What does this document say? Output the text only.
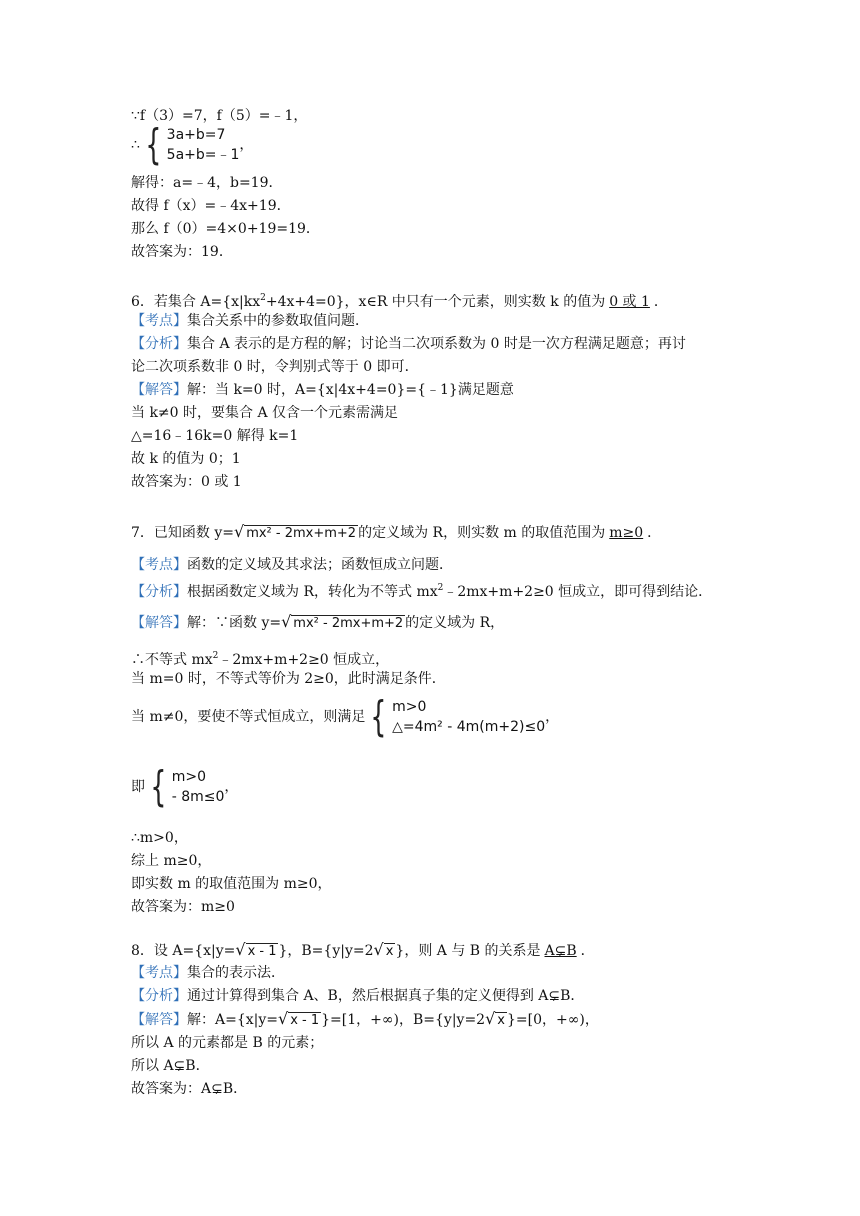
∵f（3）=7，f（5）=﹣1，
∴ { 3a+b=7
5a+b=﹣1，
解得：a=﹣4，b=19．
故得 f（x）=﹣4x+19．
那么 f（0）=4×0+19=19．
故答案为：19．
6．若集合 $A=\{x|kx^2+4x+4=0\}$，x∈R 中只有一个元素，则实数 k 的值为 0 或 1 ．
【考点】集合关系中的参数取值问题．
【分析】集合 A 表示的是方程的解；讨论当二次项系数为 0 时是一次方程满足题意；再讨
论二次项系数非 0 时，令判别式等于 0 即可．
【解答】解：当 k=0 时，A={x|4x+4=0}={﹣1}满足题意
当 k≠0 时，要集合 A 仅含一个元素需满足
△=16﹣16k=0 解得 k=1
故 k 的值为 0；1
故答案为：0 或 1
7．已知函数 y=√ mx² - 2mx+m+2 的定义域为 R，则实数 m 的取值范围为 m≥0 ．
【考点】函数的定义域及其求法；函数恒成立问题．
【分析】根据函数定义域为 R，转化为不等式 $mx^2﹣2mx+m+2\ge 0$ 恒成立，即可得到结论．
【解答】解：∵函数 y=√ mx² - 2mx+m+2 的定义域为 R，
∴不等式 $mx^2﹣2mx+m+2\ge 0$ 恒成立，
当 m=0 时，不等式等价为 2≥0，此时满足条件．
当 m≠0，要使不等式恒成立，则满足 { m>0
△=4m² - 4m(m+2)≤0，
即 { m>0
- 8m≤0，
∴m>0，
综上 m≥0，
即实数 m 的取值范围为 m≥0，
故答案为：m≥0
8．设 A={x|y=√ x - 1 }，B={y|y=2√ x }，则 A 与 B 的关系是 A⊊B ．
【考点】集合的表示法．
【分析】通过计算得到集合 A、B，然后根据真子集的定义便得到 A⊊B．
【解答】解：A={x|y=√ x - 1 }=[1，+∞)，B={y|y=2√ x }=[0，+∞)，
所以 A 的元素都是 B 的元素；
所以 A⊊B．
故答案为：A⊊B．
